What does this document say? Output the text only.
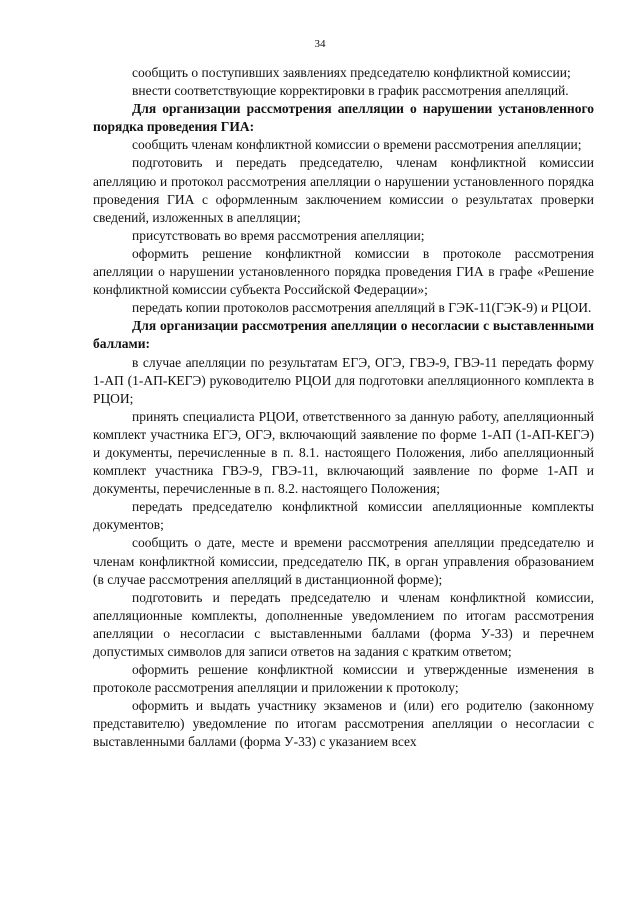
34

сообщить о поступивших заявлениях председателю конфликтной комиссии;

внести соответствующие корректировки в график рассмотрения апелляций.

Для организации рассмотрения апелляции о нарушении установленного порядка проведения ГИА:

сообщить членам конфликтной комиссии о времени рассмотрения апелляции;

подготовить и передать председателю, членам конфликтной комиссии апелляцию и протокол рассмотрения апелляции о нарушении установленного порядка проведения ГИА с оформленным заключением комиссии о результатах проверки сведений, изложенных в апелляции;

присутствовать во время рассмотрения апелляции;

оформить решение конфликтной комиссии в протоколе рассмотрения апелляции о нарушении установленного порядка проведения ГИА в графе «Решение конфликтной комиссии субъекта Российской Федерации»;

передать копии протоколов рассмотрения апелляций в ГЭК-11(ГЭК-9) и РЦОИ.

Для организации рассмотрения апелляции о несогласии с выставленными баллами:

в случае апелляции по результатам ЕГЭ, ОГЭ, ГВЭ-9, ГВЭ-11 передать форму 1-АП (1-АП-КЕГЭ) руководителю РЦОИ для подготовки апелляционного комплекта в РЦОИ;

принять специалиста РЦОИ, ответственного за данную работу, апелляционный комплект участника ЕГЭ, ОГЭ, включающий заявление по форме 1-АП (1-АП-КЕГЭ) и документы, перечисленные в п. 8.1. настоящего Положения, либо апелляционный комплект участника ГВЭ-9, ГВЭ-11, включающий заявление по форме 1-АП и документы, перечисленные в п. 8.2. настоящего Положения;

передать председателю конфликтной комиссии апелляционные комплекты документов;

сообщить о дате, месте и времени рассмотрения апелляции председателю и членам конфликтной комиссии, председателю ПК, в орган управления образованием (в случае рассмотрения апелляций в дистанционной форме);

подготовить и передать председателю и членам конфликтной комиссии, апелляционные комплекты, дополненные уведомлением по итогам рассмотрения апелляции о несогласии с выставленными баллами (форма У-33) и перечнем допустимых символов для записи ответов на задания с кратким ответом;

оформить решение конфликтной комиссии и утвержденные изменения в протоколе рассмотрения апелляции и приложении к протоколу;

оформить и выдать участнику экзаменов и (или) его родителю (законному представителю) уведомление по итогам рассмотрения апелляции о несогласии с выставленными баллами (форма У-33) с указанием всех
